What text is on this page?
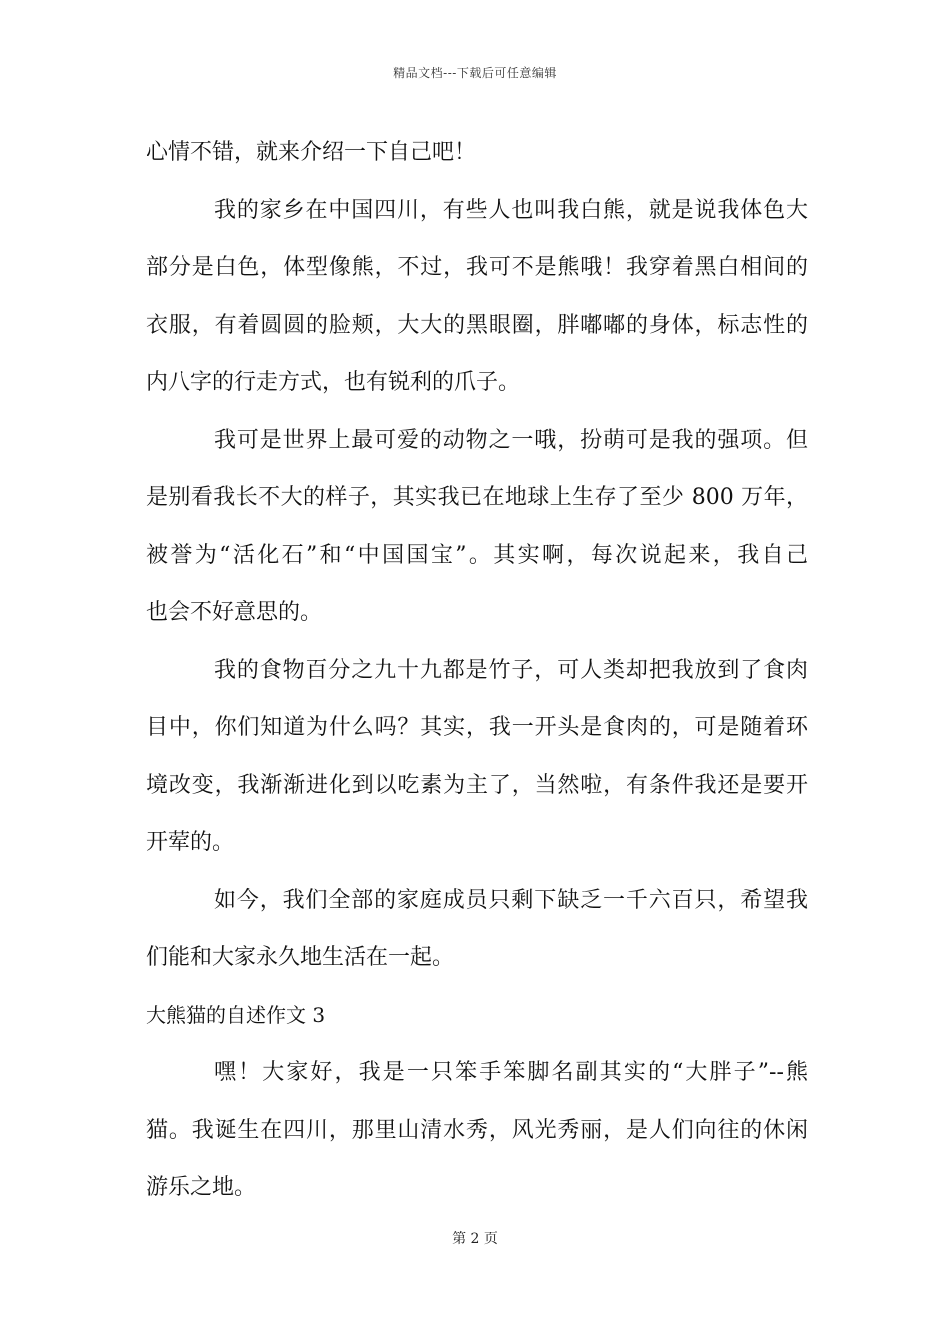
精品文档---下载后可任意编辑
心情不错，就来介绍一下自己吧！
我的家乡在中国四川，有些人也叫我白熊，就是说我体色大
部分是白色，体型像熊，不过，我可不是熊哦！我穿着黑白相间的
衣服，有着圆圆的脸颊，大大的黑眼圈，胖嘟嘟的身体，标志性的
内八字的行走方式，也有锐利的爪子。
我可是世界上最可爱的动物之一哦，扮萌可是我的强项。但
是别看我长不大的样子，其实我已在地球上生存了至少 800 万年，
被誉为“活化石”和“中国国宝”。其实啊，每次说起来，我自己
也会不好意思的。
我的食物百分之九十九都是竹子，可人类却把我放到了食肉
目中，你们知道为什么吗？其实，我一开头是食肉的，可是随着环
境改变，我渐渐进化到以吃素为主了，当然啦，有条件我还是要开
开荤的。
如今，我们全部的家庭成员只剩下缺乏一千六百只，希望我
们能和大家永久地生活在一起。
大熊猫的自述作文 3
嘿！大家好，我是一只笨手笨脚名副其实的“大胖子”--熊
猫。我诞生在四川，那里山清水秀，风光秀丽，是人们向往的休闲
游乐之地。
第 2 页
